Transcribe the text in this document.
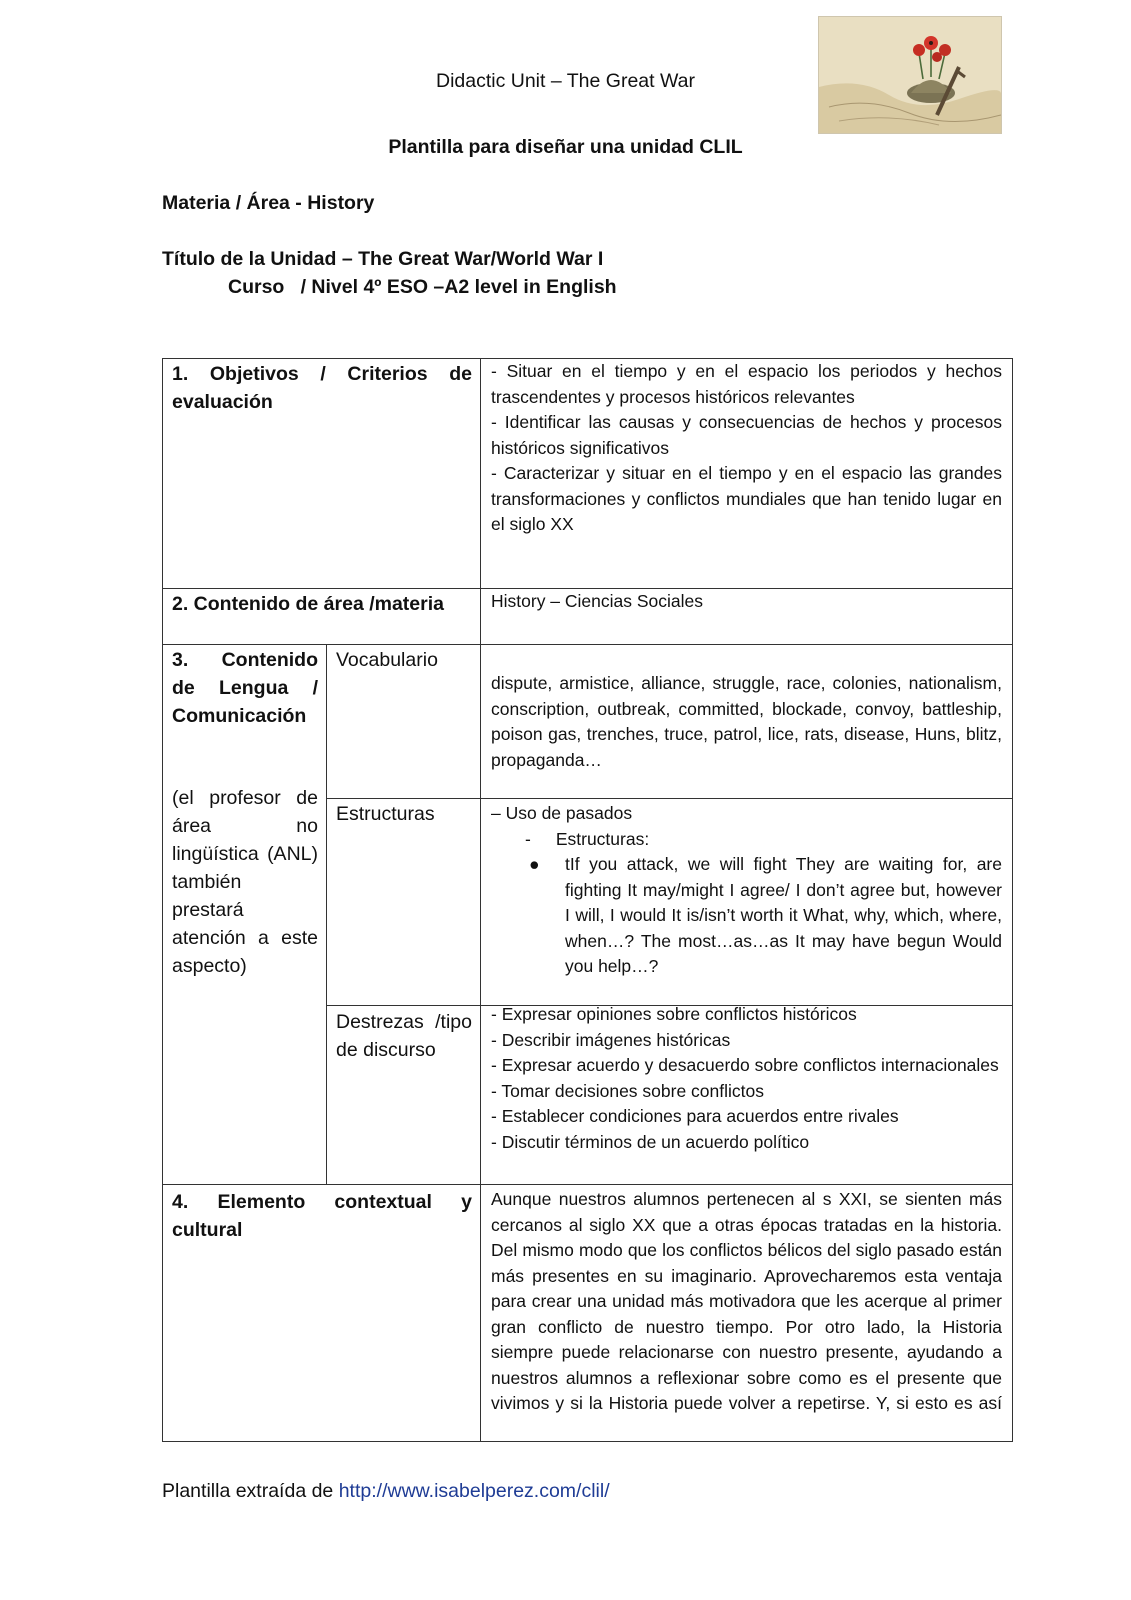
Didactic Unit – The Great War
Plantilla para diseñar una unidad CLIL
Materia / Área - History
Título de la Unidad – The Great War/World War I
Curso   / Nivel 4º ESO –A2 level in English
1. Objetivos / Criterios de evaluación

- Situar en el tiempo y en el espacio los periodos y hechos trascendentes y procesos históricos relevantes

- Identificar las causas y consecuencias de hechos y procesos históricos significativos

- Caracterizar y situar en el tiempo y en el espacio las grandes transformaciones y conflictos mundiales que han tenido lugar en el siglo XX

2. Contenido de área /materia	History – Ciencias Sociales
3. Contenido de Lengua / Comunicación
(el profesor de área no lingüística (ANL) también prestará atención a este aspecto)
Vocabulario
dispute, armistice, alliance, struggle, race, colonies, nationalism, conscription, outbreak, committed, blockade, convoy, battleship, poison gas, trenches, truce, patrol, lice, rats, disease, Huns, blitz, propaganda…
Estructuras	– Uso de pasados

- Estructuras:

● tIf you attack, we will fight They are waiting for, are fighting It may/might I agree/ I don’t agree but, however I will, I would It is/isn’t worth it What, why, which, where, when…? The most…as…as It may have begun Would you help…?
Destrezas /tipo de discurso

- Expresar opiniones sobre conflictos históricos

- Describir imágenes históricas

- Expresar acuerdo y desacuerdo sobre conflictos internacionales

- Tomar decisiones sobre conflictos

- Establecer condiciones para acuerdos entre rivales

- Discutir términos de un acuerdo político

4. Elemento contextual y cultural
Aunque nuestros alumnos pertenecen al s XXI, se sienten más cercanos al siglo XX que a otras épocas tratadas en la historia. Del mismo modo que los conflictos bélicos del siglo pasado están más presentes en su imaginario. Aprovecharemos esta ventaja para crear una unidad más motivadora que les acerque al primer gran conflicto de nuestro tiempo. Por otro lado, la Historia siempre puede relacionarse con nuestro presente, ayudando a nuestros alumnos a reflexionar sobre como es el presente que vivimos y si la Historia puede volver a repetirse. Y, si esto es así
Plantilla extraída de http://www.isabelperez.com/clil/
